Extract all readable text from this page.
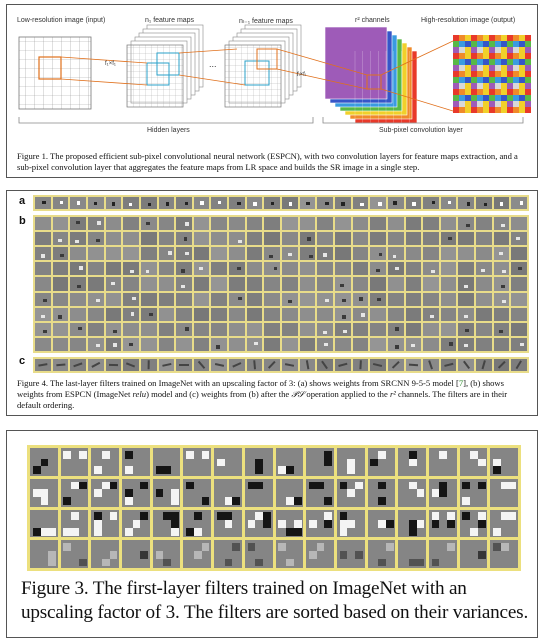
Low-resolution image (input)	n₁ feature maps	nₗ₋₁ feature maps	r² channels	High-resolution image (output)
f₁×f₁
fₗ×fₗ
...
Hidden layers	Sub-pixel convolution layer
Figure 1. The proposed efficient sub-pixel convolutional neural network (ESPCN), with two convolution layers for feature maps extraction, and a sub-pixel convolution layer that aggregates the feature maps from LR space and builds the SR image in a single step.
a
b
c
Figure 4. The last-layer filters trained on ImageNet with an upscaling factor of 3: (a) shows weights from SRCNN 9-5-5 model [7], (b) shows weights from ESPCN (ImageNet relu) model and (c) weights from (b) after the 𝒫𝒮 operation applied to the r² channels. The filters are in their default ordering.
Figure 3. The first-layer filters trained on ImageNet with an upscaling factor of 3. The filters are sorted based on their variances.
